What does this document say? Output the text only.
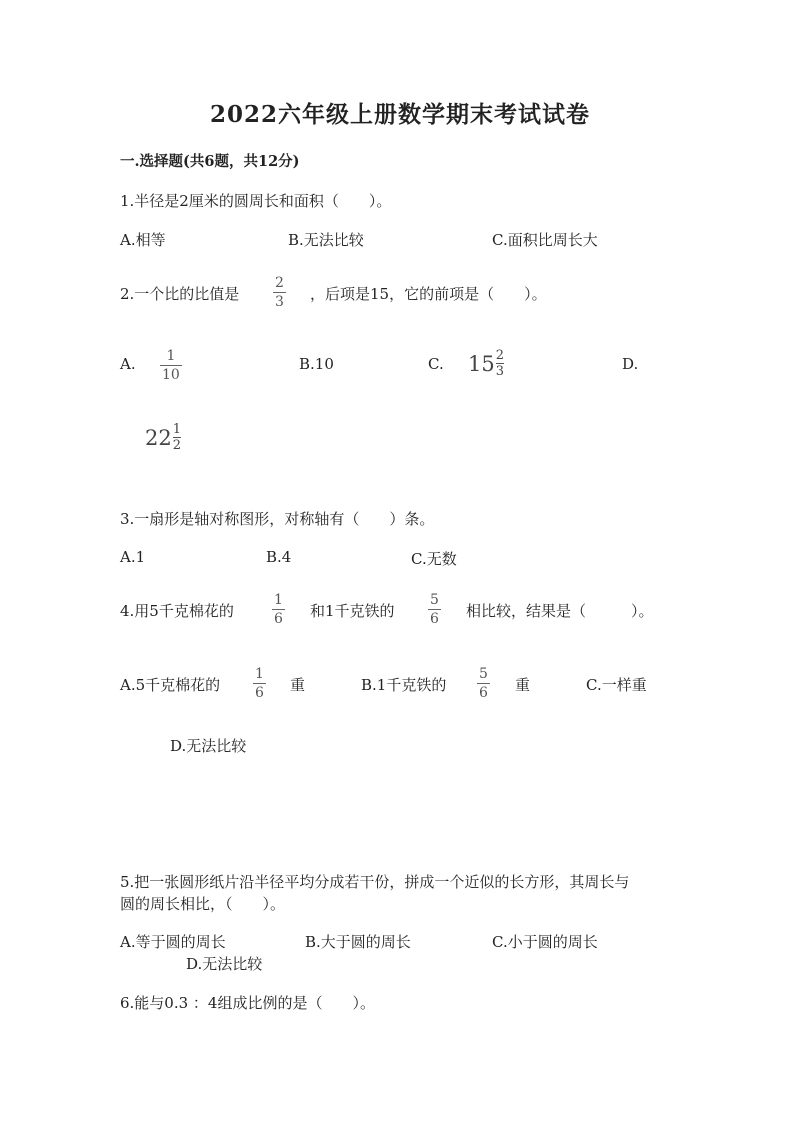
2022六年级上册数学期末考试试卷
一.选择题(共6题，共12分)
1.半径是2厘米的圆周长和面积（　　）。
A.相等	B.无法比较	C.面积比周长大
2.一个比的比值是
2
3 ，后项是15，它的前项是（　　）。
A. 1
10
B.10	C. 15 2
3	D.
22 1
2
3.一扇形是轴对称图形，对称轴有（　　）条。
A.1	B.4	C.无数
4.用5千克棉花的
1
6 和1千克铁的
5
6 相比较，结果是（　　　）。
A.5千克棉花的
1
6 重	B.1千克铁的
5
6 重	C.一样重
D.无法比较
5.把一张圆形纸片沿半径平均分成若干份，拼成一个近似的长方形，其周长与
圆的周长相比，（　　）。
A.等于圆的周长	B.大于圆的周长	C.小于圆的周长
D.无法比较
6.能与0.3 ：4组成比例的是（　　）。
